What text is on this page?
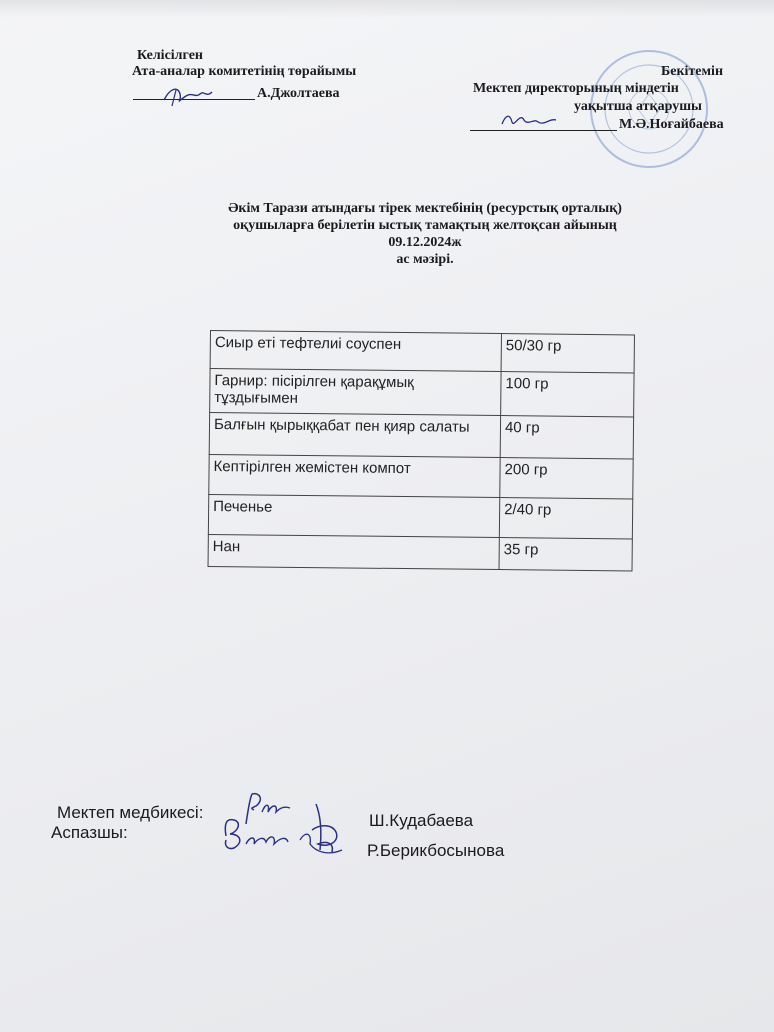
Келісілген
Ата-аналар комитетінің төрайымы
А.Джолтаева
Бекітемін
Мектеп директорының міндетін
уақытша атқарушы
М.Ә.Ноғайбаева
Әкім Тарази атындағы тірек мектебінің (ресурстық орталық)
оқушыларға берілетін ыстық тамақтың желтоқсан айының
09.12.2024ж
ас мәзірі.
Сиыр еті тефтелиі соуспен	50/30 гр
Гарнир: пісірілген қарақұмық тұздығымен	100 гр
Балғын қырыққабат пен қияр салаты	40 гр
Кептірілген жемістен компот	200 гр
Печенье	2/40 гр
Нан	35 гр
Мектеп медбикесі:
Аспазшы:
Ш.Кудабаева
Р.Берикбосынова
